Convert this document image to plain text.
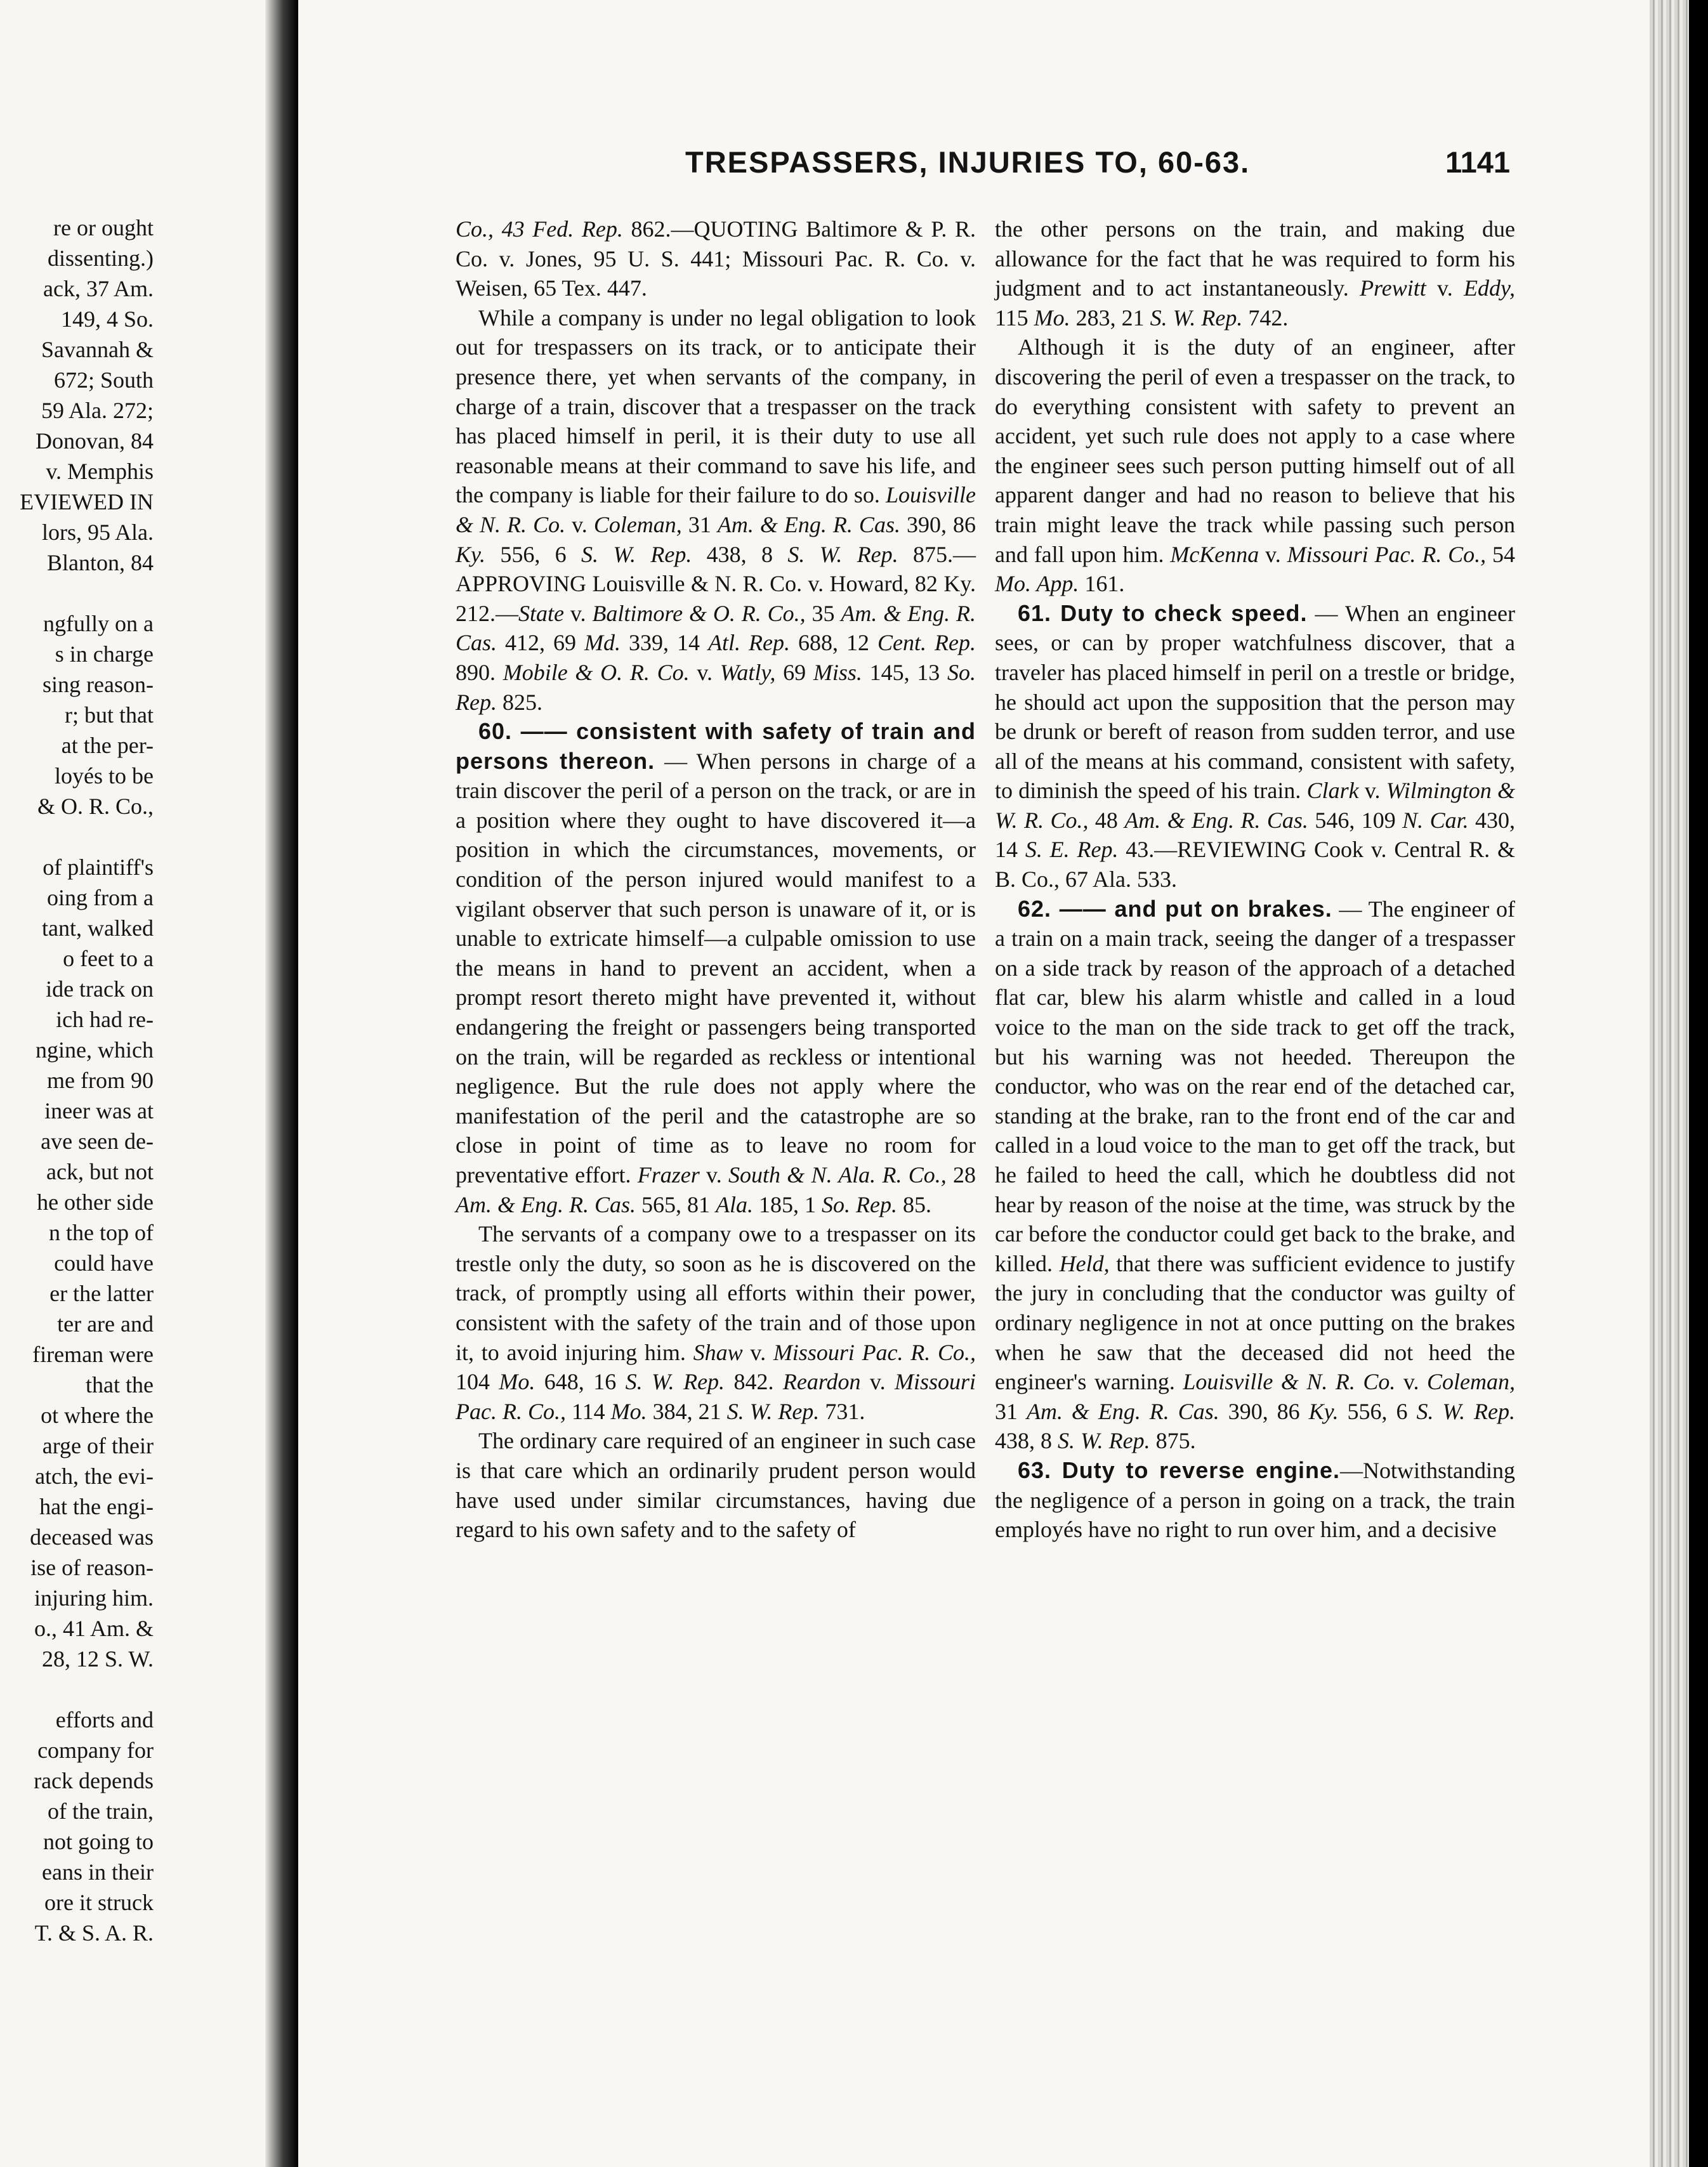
re or ought
dissenting.)
ack, 37 Am.
149, 4 So.
Savannah &
672; South
59 Ala. 272;
Donovan, 84
v. Memphis
EVIEWED IN
lors, 95 Ala.
Blanton, 84
ngfully on a
s in charge
sing reason-
r; but that
at the per-
loyés to be
& O. R. Co.,
of plaintiff's
oing from a
tant, walked
o feet to a
ide track on
ich had re-
ngine, which
me from 90
ineer was at
ave seen de-
ack, but not
he other side
n the top of
could have
er the latter
ter are and
fireman were
that the
ot where the
arge of their
atch, the evi-
hat the engi-
deceased was
ise of reason-
injuring him.
o., 41 Am. &
28, 12 S. W.
efforts and
company for
rack depends
of the train,
not going to
eans in their
ore it struck
T. & S. A. R.
TRESPASSERS, INJURIES TO, 60-63.	1141

Co., 43 Fed. Rep. 862.—QUOTING Baltimore & P. R. Co. v. Jones, 95 U. S. 441; Missouri Pac. R. Co. v. Weisen, 65 Tex. 447.

While a company is under no legal obligation to look out for trespassers on its track, or to anticipate their presence there, yet when servants of the company, in charge of a train, discover that a trespasser on the track has placed himself in peril, it is their duty to use all reasonable means at their command to save his life, and the company is liable for their failure to do so. Louisville & N. R. Co. v. Coleman, 31 Am. & Eng. R. Cas. 390, 86 Ky. 556, 6 S. W. Rep. 438, 8 S. W. Rep. 875.—APPROVING Louisville & N. R. Co. v. Howard, 82 Ky. 212.—State v. Baltimore & O. R. Co., 35 Am. & Eng. R. Cas. 412, 69 Md. 339, 14 Atl. Rep. 688, 12 Cent. Rep. 890. Mobile & O. R. Co. v. Watly, 69 Miss. 145, 13 So. Rep. 825.

60. —— consistent with safety of train and persons thereon. — When persons in charge of a train discover the peril of a person on the track, or are in a position where they ought to have discovered it—a position in which the circumstances, movements, or condition of the person injured would manifest to a vigilant observer that such person is unaware of it, or is unable to extricate himself—a culpable omission to use the means in hand to prevent an accident, when a prompt resort thereto might have prevented it, without endangering the freight or passengers being transported on the train, will be regarded as reckless or intentional negligence. But the rule does not apply where the manifestation of the peril and the catastrophe are so close in point of time as to leave no room for preventative effort. Frazer v. South & N. Ala. R. Co., 28 Am. & Eng. R. Cas. 565, 81 Ala. 185, 1 So. Rep. 85.

The servants of a company owe to a trespasser on its trestle only the duty, so soon as he is discovered on the track, of promptly using all efforts within their power, consistent with the safety of the train and of those upon it, to avoid injuring him. Shaw v. Missouri Pac. R. Co., 104 Mo. 648, 16 S. W. Rep. 842. Reardon v. Missouri Pac. R. Co., 114 Mo. 384, 21 S. W. Rep. 731.

The ordinary care required of an engineer in such case is that care which an ordinarily prudent person would have used under similar circumstances, having due regard to his own safety and to the safety of

the other persons on the train, and making due allowance for the fact that he was required to form his judgment and to act instantaneously. Prewitt v. Eddy, 115 Mo. 283, 21 S. W. Rep. 742.

Although it is the duty of an engineer, after discovering the peril of even a trespasser on the track, to do everything consistent with safety to prevent an accident, yet such rule does not apply to a case where the engineer sees such person putting himself out of all apparent danger and had no reason to believe that his train might leave the track while passing such person and fall upon him. McKenna v. Missouri Pac. R. Co., 54 Mo. App. 161.

61. Duty to check speed. — When an engineer sees, or can by proper watchfulness discover, that a traveler has placed himself in peril on a trestle or bridge, he should act upon the supposition that the person may be drunk or bereft of reason from sudden terror, and use all of the means at his command, consistent with safety, to diminish the speed of his train. Clark v. Wilmington & W. R. Co., 48 Am. & Eng. R. Cas. 546, 109 N. Car. 430, 14 S. E. Rep. 43.—REVIEWING Cook v. Central R. & B. Co., 67 Ala. 533.

62. —— and put on brakes. — The engineer of a train on a main track, seeing the danger of a trespasser on a side track by reason of the approach of a detached flat car, blew his alarm whistle and called in a loud voice to the man on the side track to get off the track, but his warning was not heeded. Thereupon the conductor, who was on the rear end of the detached car, standing at the brake, ran to the front end of the car and called in a loud voice to the man to get off the track, but he failed to heed the call, which he doubtless did not hear by reason of the noise at the time, was struck by the car before the conductor could get back to the brake, and killed. Held, that there was sufficient evidence to justify the jury in concluding that the conductor was guilty of ordinary negligence in not at once putting on the brakes when he saw that the deceased did not heed the engineer's warning. Louisville & N. R. Co. v. Coleman, 31 Am. & Eng. R. Cas. 390, 86 Ky. 556, 6 S. W. Rep. 438, 8 S. W. Rep. 875.

63. Duty to reverse engine.—Notwithstanding the negligence of a person in going on a track, the train employés have no right to run over him, and a decisive
